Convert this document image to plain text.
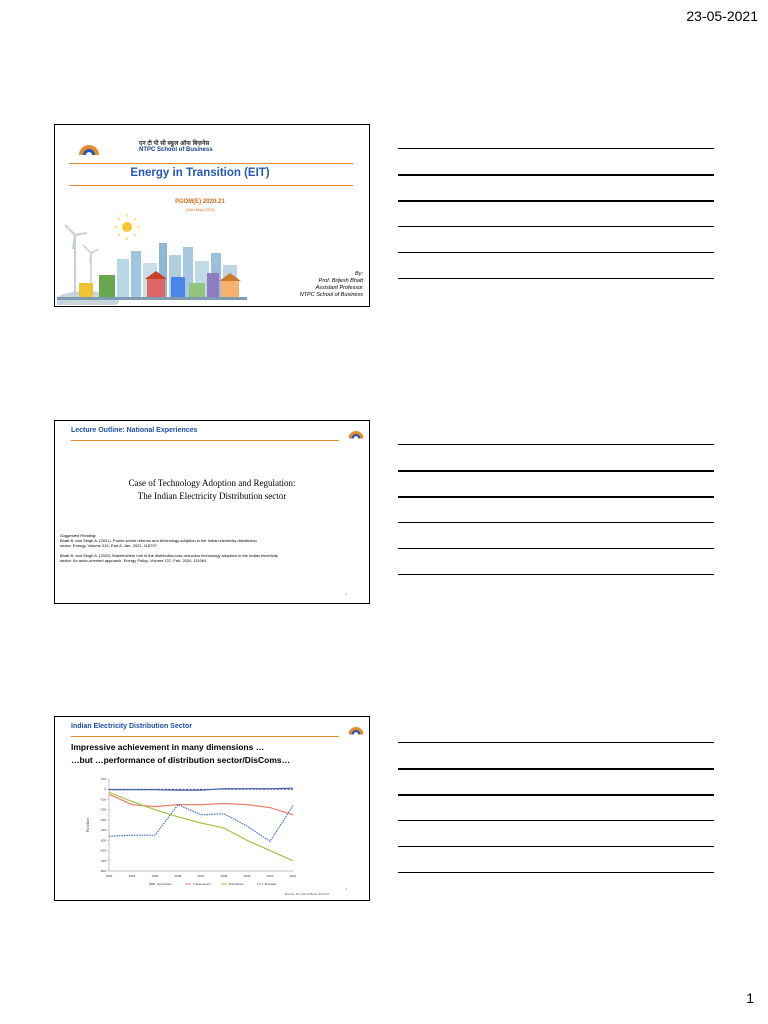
23-05-2021
1
एन टी पी सी स्कूल ऑफ बिज़नेस
NTPC School of Business
Energy in Transition (EIT)
PGDM(E) 2020-21
(23rd May 2021)
By:
Prof. Brijesh Bhatt
Assistant Professor
NTPC School of Business
Lecture Outline: National Experiences
Case of Technology Adoption and Regulation:
The Indian Electricity Distribution sector
Suggested Reading:
Bhatt B. and Singh A. (2021). Power sector reforms and technology adoption in the Indian electricity distribution
sector. Energy, Volume 215, Part A, Jan. 2021, 118797
Bhatt B. and Singh A. (2020) Stakeholders role in the distribution loss reduction technology adoption in the Indian electricity
sector: An actor-oriented approach. Energy Policy, Volume 137, Feb. 2020, 111064
2
Indian Electricity Distribution Sector
Impressive achievement in many dimensions …
…but …performance of distribution sector/DisComs…
100
0
-100
-200
-300
-400
-500
-600
-700
-800
2003	2004	2005	2006	2007	2008	2009	2010	2011
Rs billion
Generation	Transmission	Distribution	Bundled
3
Source: The World Bank 2014-16
